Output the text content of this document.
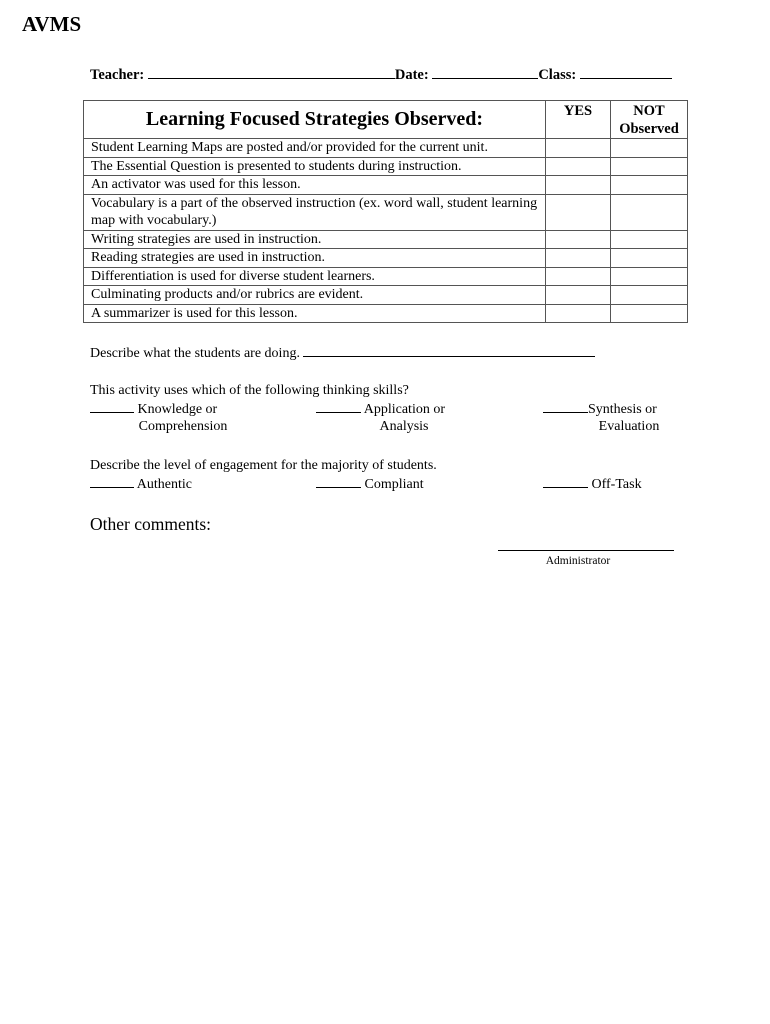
AVMS
Teacher:	Date:	Class:
Learning Focused Strategies Observed:	YES	NOT
Observed

Student Learning Maps are posted and/or provided for the current unit.		
The Essential Question is presented to students during instruction.		
An activator was used for this lesson.		
Vocabulary is a part of the observed instruction (ex. word wall, student learning map with vocabulary.)		
Writing strategies are used in instruction.		
Reading strategies are used in instruction.		
Differentiation is used for diverse student learners.		
Culminating products and/or rubrics are evident.		
A summarizer is used for this lesson.		
Describe what the students are doing.
This activity uses which of the following thinking skills?
Knowledge or
Comprehension
Application or
Analysis
Synthesis or
Evaluation
Describe the level of engagement for the majority of students.
Authentic	Compliant	Off-Task
Other comments:
Administrator
